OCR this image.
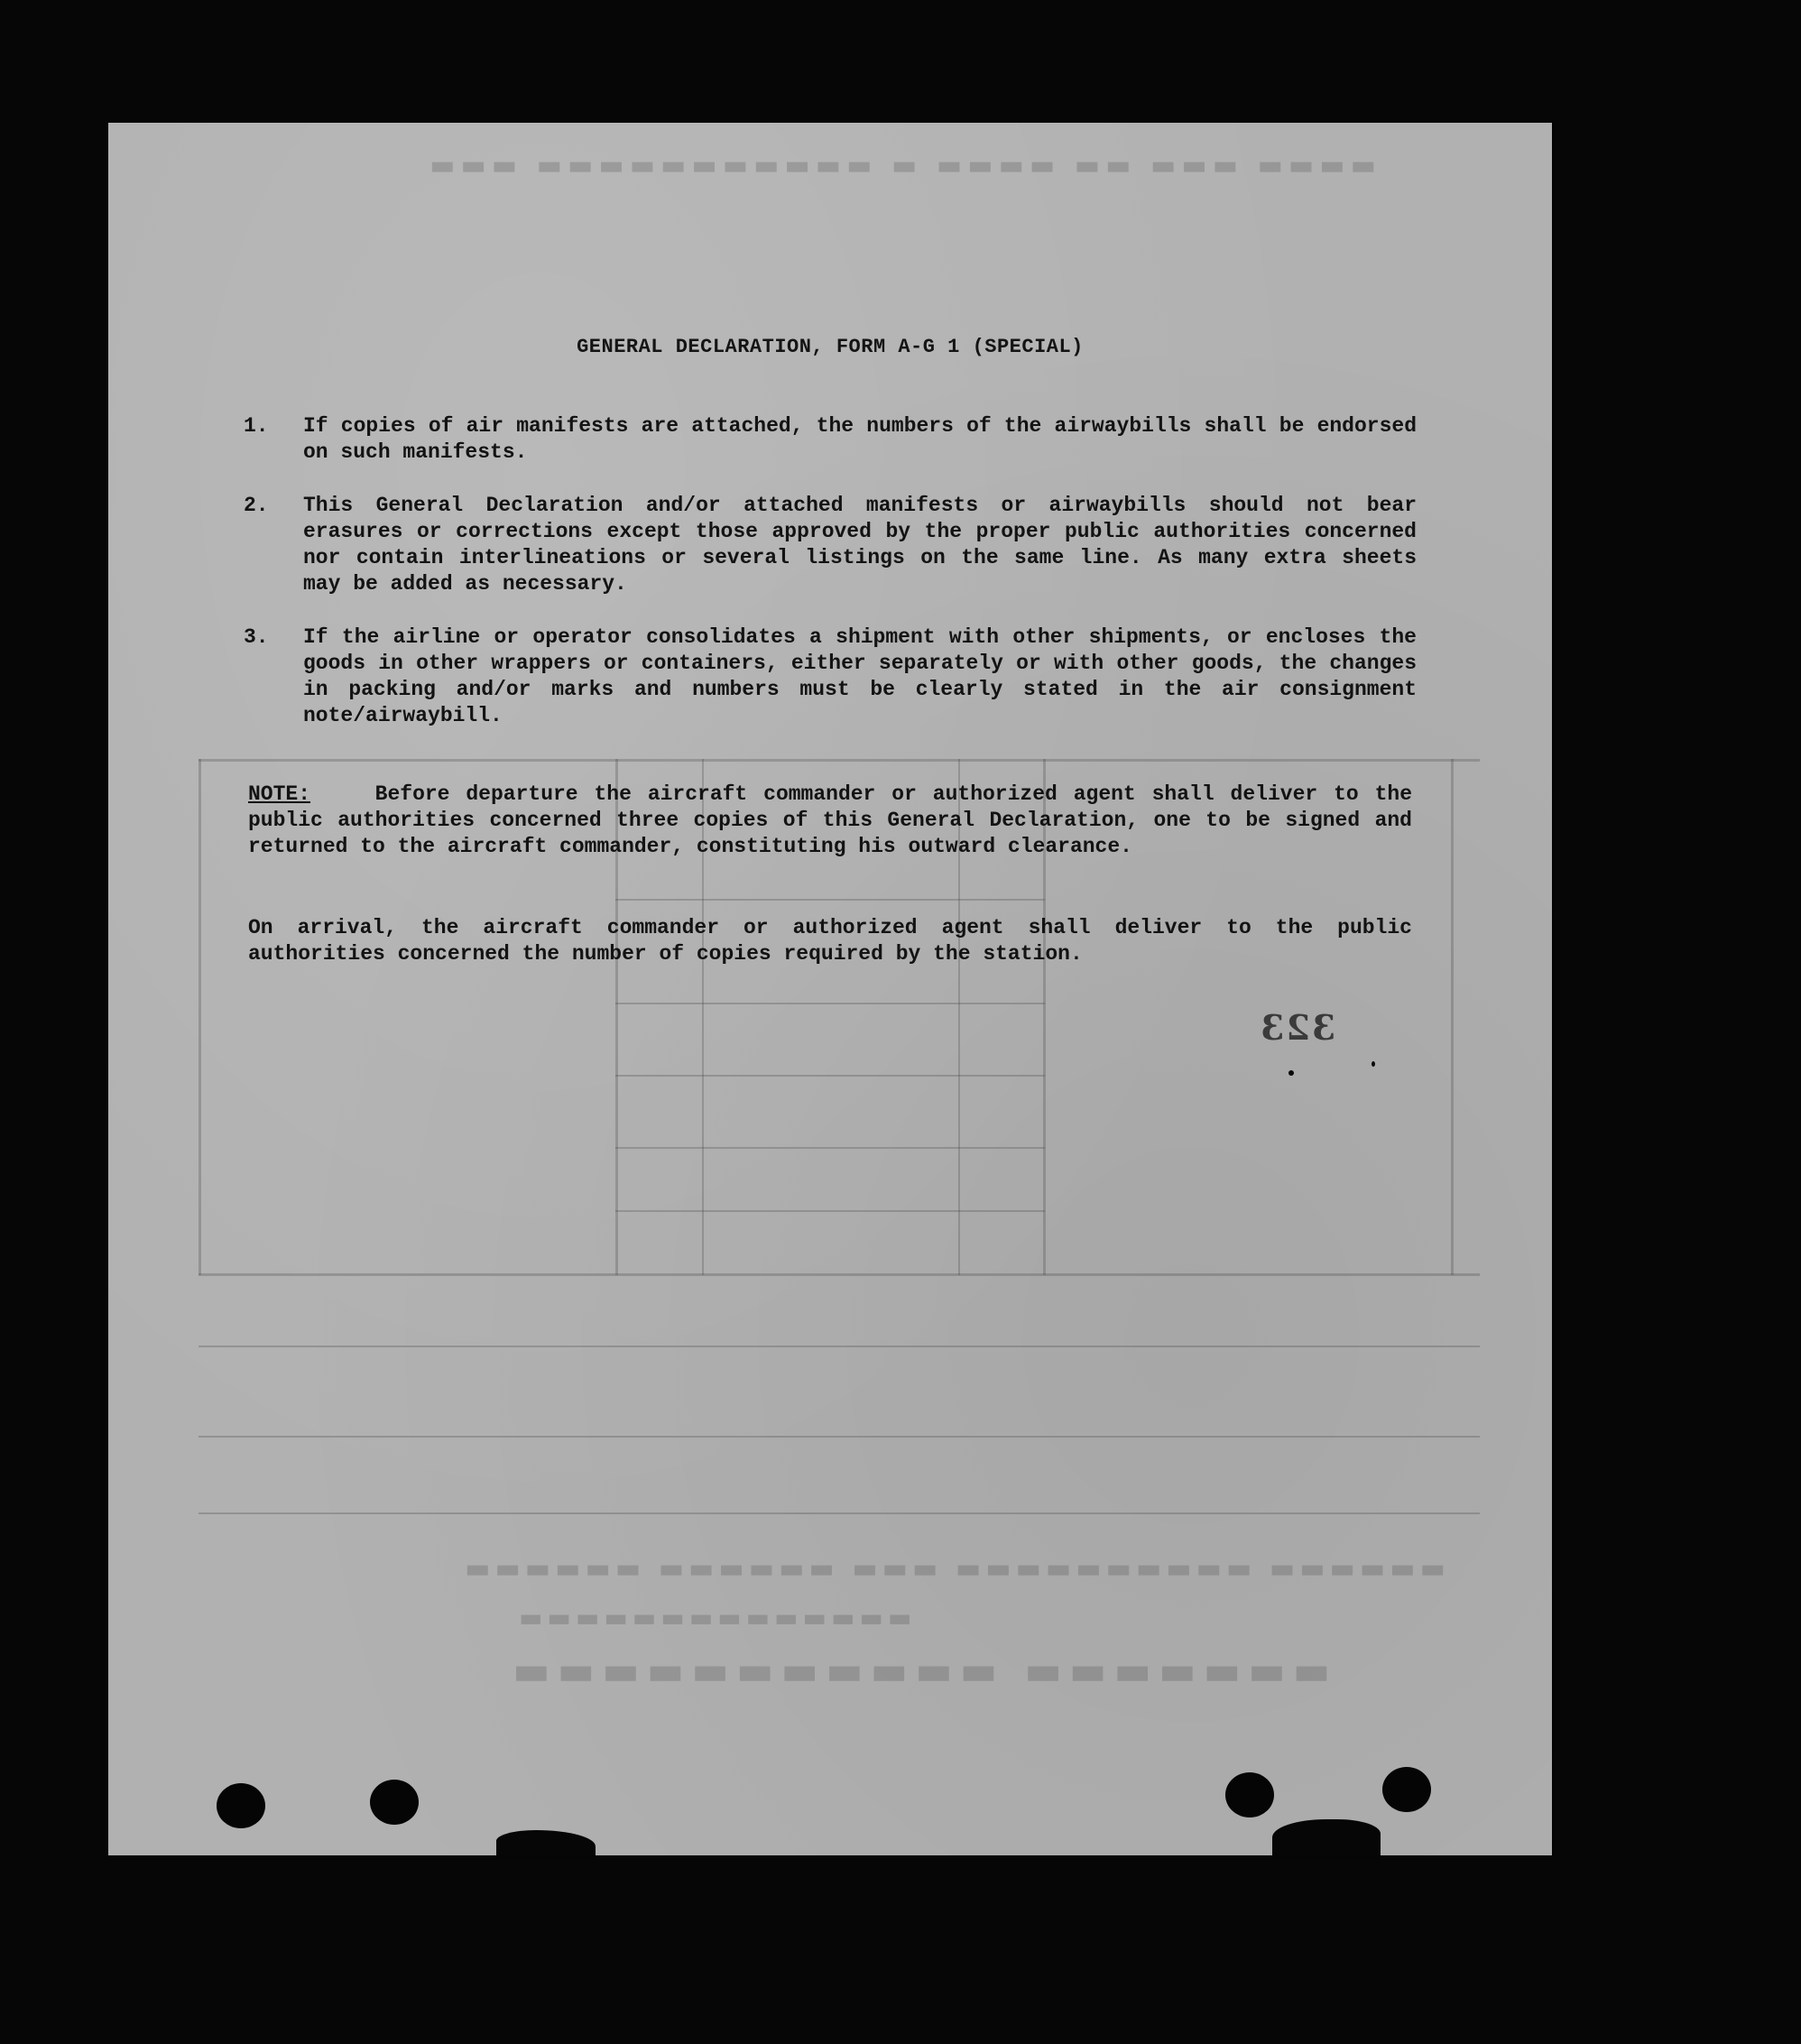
▬▬▬▬ ▬▬▬ ▬▬ ▬▬▬▬ ▬ ▬▬▬▬▬▬▬▬▬▬▬ ▬▬▬
▬▬▬▬▬▬ ▬▬▬▬▬▬▬▬▬▬ ▬▬▬ ▬▬▬▬▬▬ ▬▬▬▬▬▬
▬▬▬▬▬▬▬▬▬▬▬▬▬▬
▬▬▬▬▬▬▬ ▬▬▬▬▬▬▬▬▬▬▬
GENERAL DECLARATION, FORM A-G 1 (SPECIAL)
1.	If copies of air manifests are attached, the numbers of the airwaybills shall be endorsed on such manifests.
2.	This General Declaration and/or attached manifests or airwaybills should not bear erasures or corrections except those approved by the proper public authorities concerned nor contain interlineations or several listings on the same line. As many extra sheets may be added as necessary.
3.	If the airline or operator consolidates a shipment with other shipments, or encloses the goods in other wrappers or containers, either separately or with other goods, the changes in packing and/or marks and numbers must be clearly stated in the air consignment note/airwaybill.
NOTE:	Before departure the aircraft commander or authorized agent shall deliver to the public authorities concerned three copies of this General Declaration, one to be signed and returned to the aircraft commander, constituting his outward clearance.
On arrival, the aircraft commander or authorized agent shall deliver to the public authorities concerned the number of copies required by the station.
323
